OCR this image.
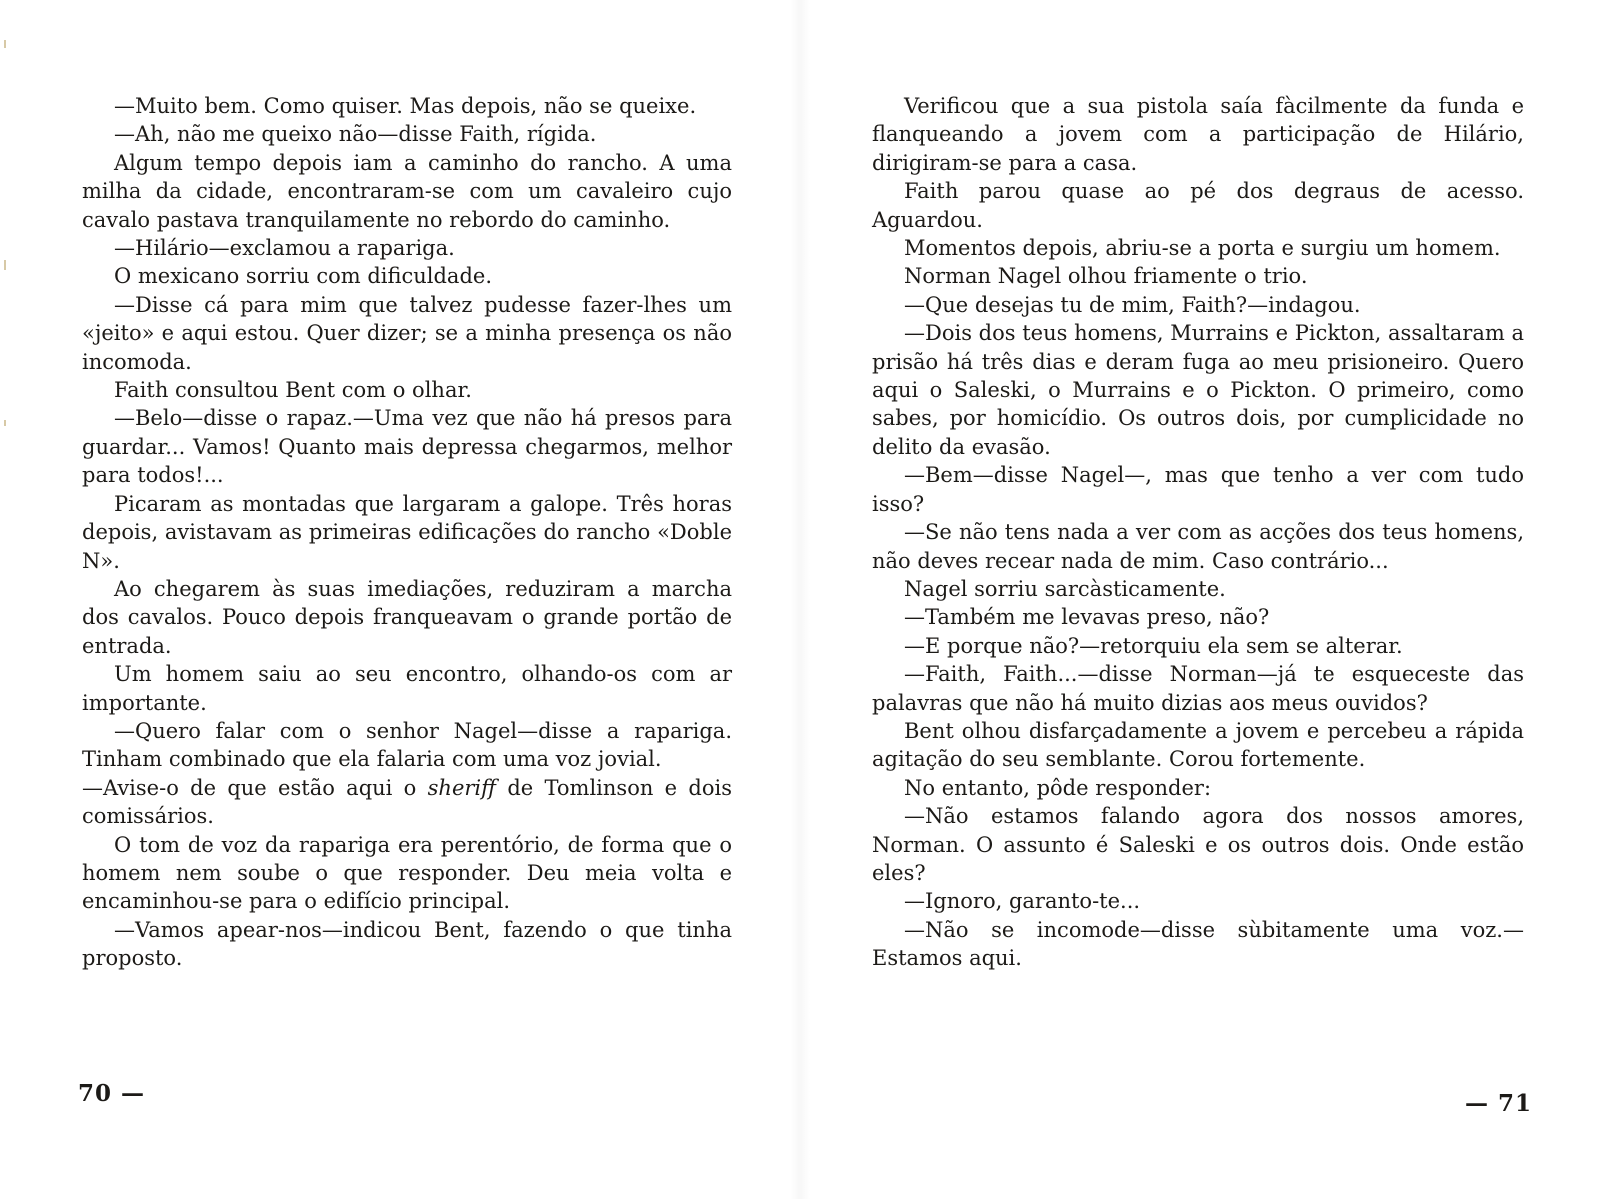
—Muito bem. Como quiser. Mas depois, não se queixe.

—Ah, não me queixo não—disse Faith, rígida.

Algum tempo depois iam a caminho do rancho. A uma milha da cidade, encontraram-se com um cavaleiro cujo cavalo pastava tranquilamente no rebordo do caminho.

—Hilário—exclamou a rapariga.

O mexicano sorriu com dificuldade.

—Disse cá para mim que talvez pudesse fazer-lhes um «jeito» e aqui estou. Quer dizer; se a minha presença os não incomoda.

Faith consultou Bent com o olhar.

—Belo—disse o rapaz.—Uma vez que não há presos para guardar... Vamos! Quanto mais depressa chegarmos, melhor para todos!...

Picaram as montadas que largaram a galope. Três horas depois, avistavam as primeiras edificações do rancho «Doble N».

Ao chegarem às suas imediações, reduziram a marcha dos cavalos. Pouco depois franqueavam o grande portão de entrada.

Um homem saiu ao seu encontro, olhando-os com ar importante.

—Quero falar com o senhor Nagel—disse a rapariga. Tinham combinado que ela falaria com uma voz jovial.

—Avise-o de que estão aqui o sheriff de Tomlinson e dois comissários.

O tom de voz da rapariga era perentório, de forma que o homem nem soube o que responder. Deu meia volta e encaminhou-se para o edifício principal.

—Vamos apear-nos—indicou Bent, fazendo o que tinha proposto.

70 —

Verificou que a sua pistola saía fàcilmente da funda e flanqueando a jovem com a participação de Hilário, dirigiram-se para a casa.

Faith parou quase ao pé dos degraus de acesso. Aguardou.

Momentos depois, abriu-se a porta e surgiu um homem.

Norman Nagel olhou friamente o trio.

—Que desejas tu de mim, Faith?—indagou.

—Dois dos teus homens, Murrains e Pickton, assaltaram a prisão há três dias e deram fuga ao meu prisioneiro. Quero aqui o Saleski, o Murrains e o Pickton. O primeiro, como sabes, por homicídio. Os outros dois, por cumplicidade no delito da evasão.

—Bem—disse Nagel—, mas que tenho a ver com tudo isso?

—Se não tens nada a ver com as acções dos teus homens, não deves recear nada de mim. Caso contrário...

Nagel sorriu sarcàsticamente.

—Também me levavas preso, não?

—E porque não?—retorquiu ela sem se alterar.

—Faith, Faith...—disse Norman—já te esqueceste das palavras que não há muito dizias aos meus ouvidos?

Bent olhou disfarçadamente a jovem e percebeu a rápida agitação do seu semblante. Corou fortemente.

No entanto, pôde responder:

—Não estamos falando agora dos nossos amores, Norman. O assunto é Saleski e os outros dois. Onde estão eles?

—Ignoro, garanto-te...

—Não se incomode—disse sùbitamente uma voz.—Estamos aqui.

— 71
